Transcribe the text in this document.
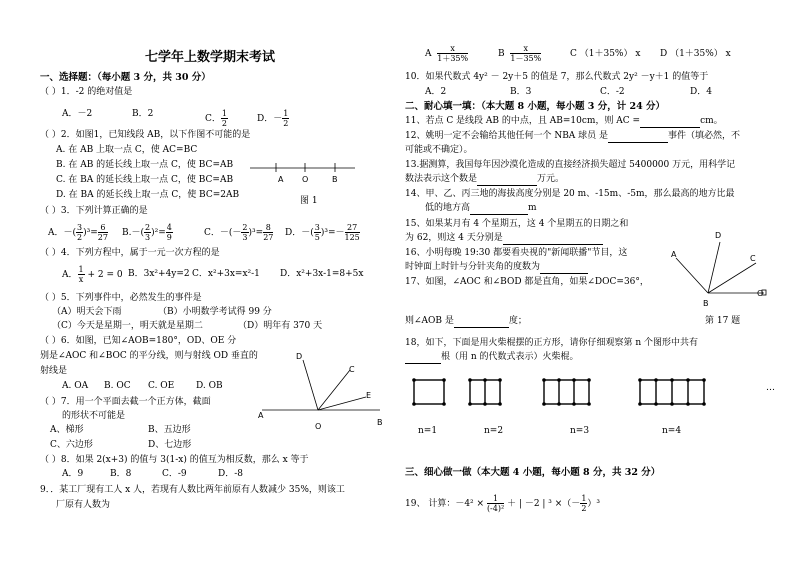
七学年上数学期末考试
一、选择题：（每小题 3 分，共 30 分）
（ ）1．-2 的绝对值是
A．－2	B．2	C． $\frac{1}{2}$	D．－ $\frac{1}{2}$
（ ）2．如图1，已知线段 AB，以下作图不可能的是
A. 在 AB 上取一点 C，使 AC=BC
B. 在 AB 的延长线上取一点 C，使 BC=AB
C. 在 BA 的延长线上取一点 C，使 BC=AB
D. 在 BA 的延长线上取一点 C，使 BC=2AB
A O	B
图 1
（ ）3．下列计算正确的是
A．－( $\frac{3}{2} )^3= \frac{6}{27} B.-( \frac{2}{3} )^2= \frac{4}{9}$	C．－(－ $\frac{2}{3} )^3= \frac{8}{27}$ D．－( $\frac{3}{5} )^3=- \frac{27}{125}$
（ ）4．下列方程中，属于一元一次方程的是
A． $\frac{1}{x} + 2 = 0$ B．3x²+4y=2 C．x²+3x=x²-1 D．x²+3x-1=8+5x
（ ）5．下列事件中，必然发生的事件是
（A）明天会下雨	（B）小明数学考试得 99 分
（C）今天是星期一，明天就是星期二	（D）明年有 370 天
（ ）6．如图，已知∠AOB=180°，OD、OE 分
别是∠AOC 和∠BOC 的平分线，则与射线 OD 垂直的
射线是
A. OA B. OC C. OE D. OB
D
C
E
A
O	B
（ ）7．用一个平面去截一个正方体，截面
的形状不可能是
A、梯形	B、五边形
C、六边形	D、七边形
（ ）8．如果 2(x+3) 的值与 3(1-x) 的值互为相反数，那么 x 等于
A．9	B．8	C．-9	D．-8
9．．某工厂现有工人 x 人，若现有人数比两年前原有人数减少 35%，则该工
厂原有人数为
A $\frac{x}{1+35\%}$	B $\frac{x}{1-35\%}$	C （1＋35%） x D （1＋35%） x
10．如果代数式 4y² － 2y＋5 的值是 7，那么代数式 2y² －y＋1 的值等于
A．2	B．3	C．-2	D．4
二、耐心填一填：（本大题 8 小题，每小题 3 分，计 24 分）
11、若点 C 是线段 AB 的中点，且 AB=10cm，则 AC =	cm。
12、姚明一定不会输给其他任何一个 NBA 球员 是	事件（填必然，不
可能或不确定）。
13.据测算，我国每年因沙漠化造成的直接经济损失超过 5400000 万元，用科学记
数法表示这个数是	万元。
14、甲、乙、丙三地的海拔高度分别是 20 m、-15m、-5m，那么最高的地方比最
低的地方高	m
15、如果某月有 4 个星期五，这 4 个星期五的日期之和
为 62，则这 4 天分别是
16、小明每晚 19:30 都要看央视的"新闻联播"节目，这
时钟面上时针与分针夹角的度数为
17、如图，∠AOC 和∠BOD 都是直角，如果∠DOC=36°，
则∠AOB 是	度；
D
A	C
B
O
第 17 题
18，如下，下面是用火柴棍摆的正方形，请你仔细观察第 n 个图形中共有
根（用 n 的代数式表示）火柴棍。
…
n=1	n=2	n=3	n=4
三、细心做一做（本大题 4 小题，每小题 8 分，共 32 分）
19、 计算：$-4^2 \times \frac{1}{\text{(-4)²}}$ ＋ | －2 | ³ ×（－ $\frac{1}{2} )^3$
